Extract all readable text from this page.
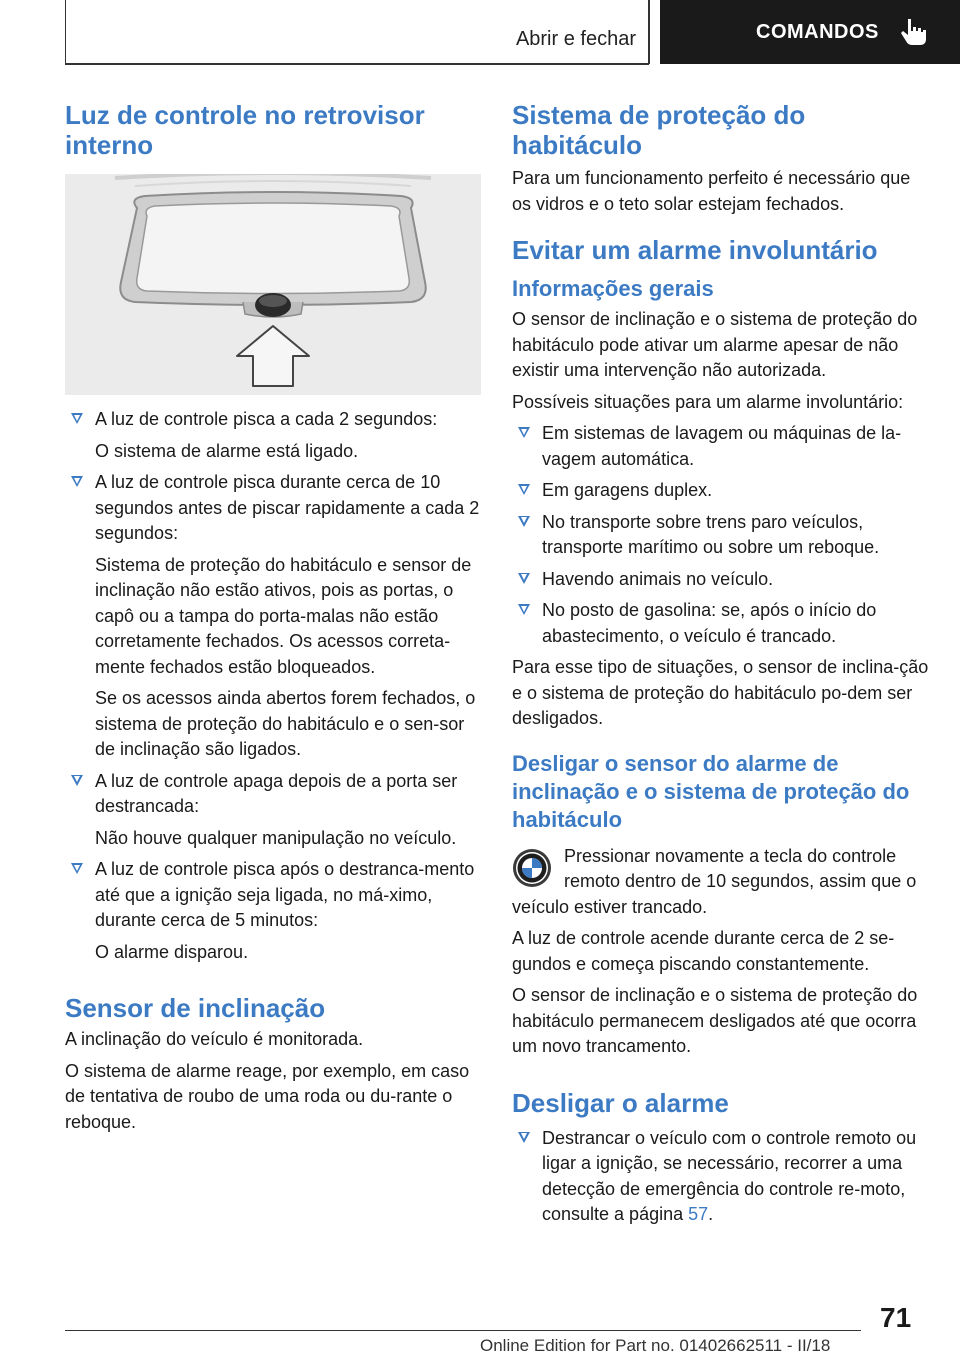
Abrir e fechar	COMANDOS
Luz de controle no retrovisor interno

A luz de controle pisca a cada 2 segundos:

O sistema de alarme está ligado.

A luz de controle pisca durante cerca de 10 segundos antes de piscar rapidamente a cada 2 segundos:

Sistema de proteção do habitáculo e sensor de inclinação não estão ativos, pois as portas, o capô ou a tampa do porta-malas não estão corretamente fechados. Os acessos correta-mente fechados estão bloqueados.

Se os acessos ainda abertos forem fechados, o sistema de proteção do habitáculo e o sen-sor de inclinação são ligados.

A luz de controle apaga depois de a porta ser destrancada:

Não houve qualquer manipulação no veículo.

A luz de controle pisca após o destranca-mento até que a ignição seja ligada, no má-ximo, durante cerca de 5 minutos:

O alarme disparou.

Sensor de inclinação

A inclinação do veículo é monitorada.

O sistema de alarme reage, por exemplo, em caso de tentativa de roubo de uma roda ou du-rante o reboque.

Sistema de proteção do habitáculo

Para um funcionamento perfeito é necessário que os vidros e o teto solar estejam fechados.

Evitar um alarme involuntário
Informações gerais

O sensor de inclinação e o sistema de proteção do habitáculo pode ativar um alarme apesar de não existir uma intervenção não autorizada.

Possíveis situações para um alarme involuntário:

Em sistemas de lavagem ou máquinas de la-vagem automática.

Em garagens duplex.

No transporte sobre trens paro veículos, transporte marítimo ou sobre um reboque.

Havendo animais no veículo.

No posto de gasolina: se, após o início do abastecimento, o veículo é trancado.

Para esse tipo de situações, o sensor de inclina-ção e o sistema de proteção do habitáculo po-dem ser desligados.

Desligar o sensor do alarme de inclinação e o sistema de proteção do habitáculo

Pressionar novamente a tecla do controle remoto dentro de 10 segundos, assim que o veículo estiver trancado.

A luz de controle acende durante cerca de 2 se-gundos e começa piscando constantemente.

O sensor de inclinação e o sistema de proteção do habitáculo permanecem desligados até que ocorra um novo trancamento.

Desligar o alarme

Destrancar o veículo com o controle remoto ou ligar a ignição, se necessário, recorrer a uma detecção de emergência do controle re-moto, consulte a página 57.

71
Online Edition for Part no. 01402662511 - II/18
